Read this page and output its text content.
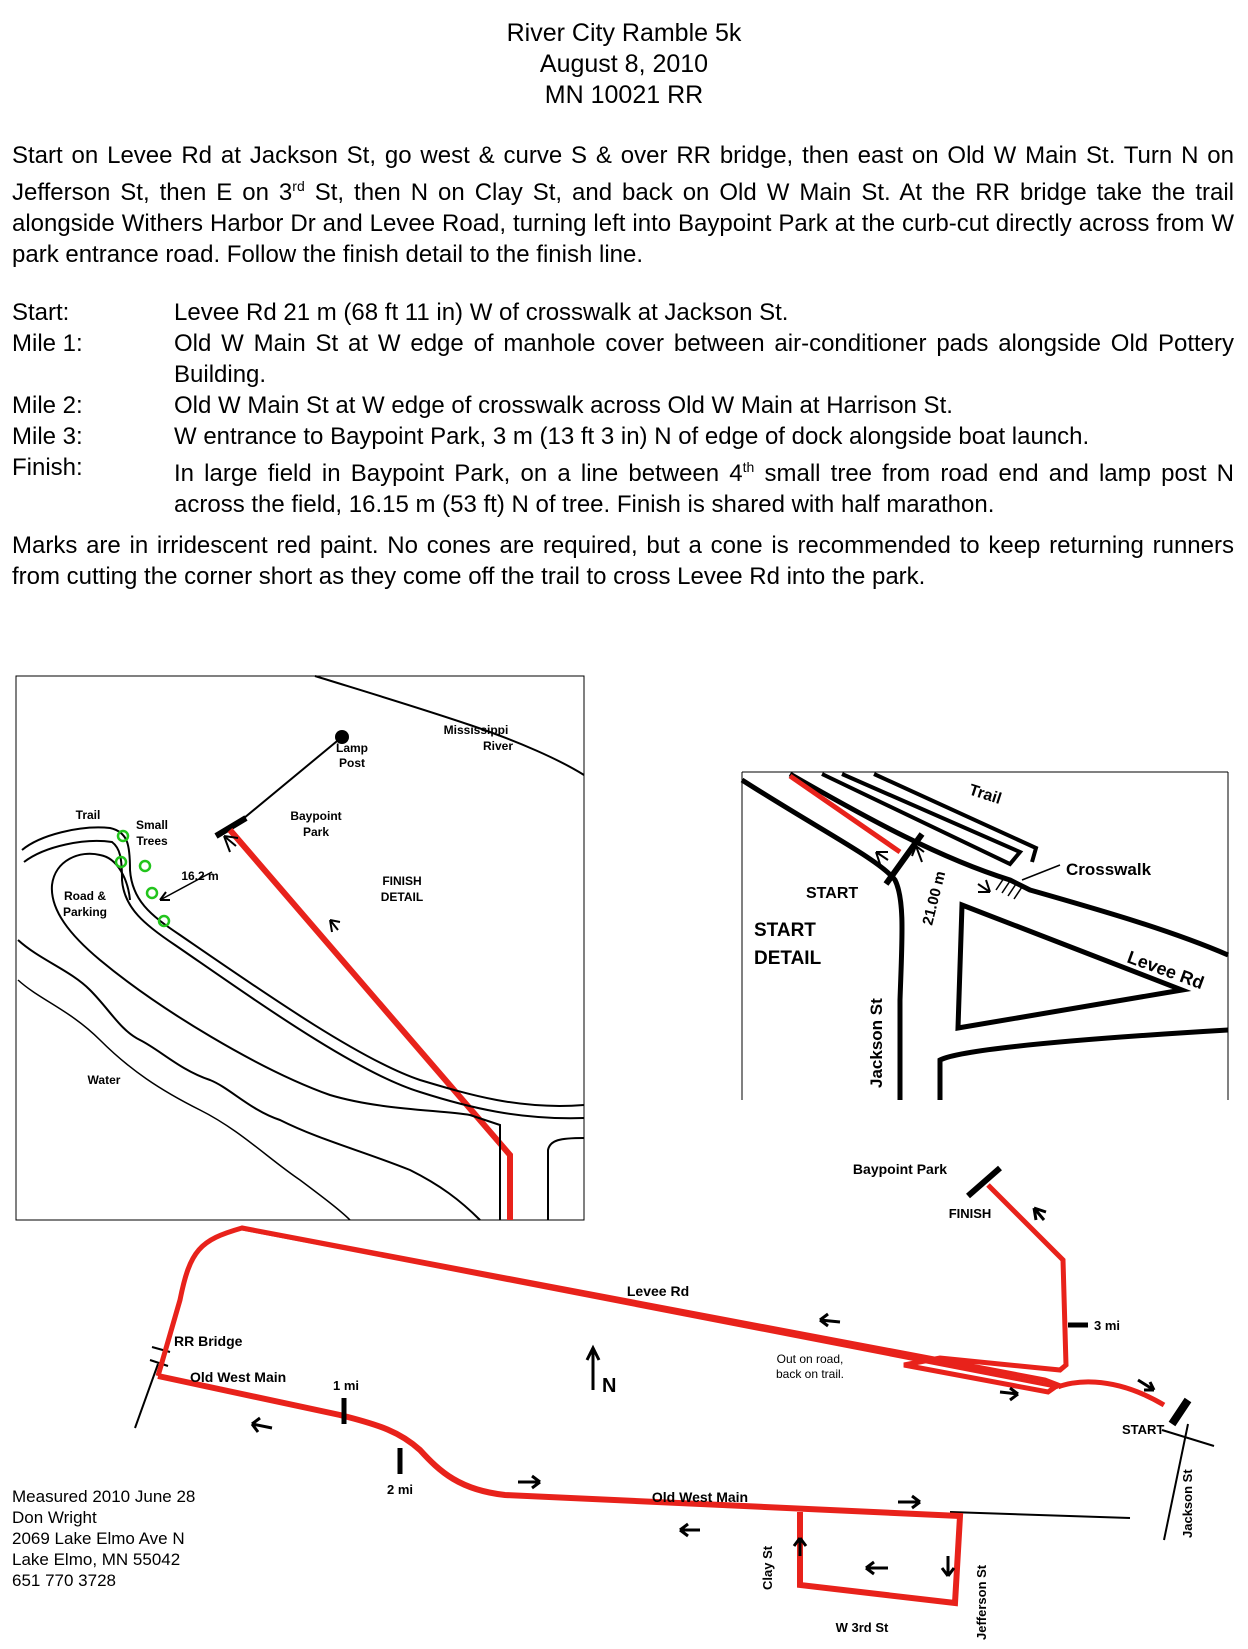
River City Ramble 5k
August 8, 2010
MN 10021 RR
Start on Levee Rd at Jackson St, go west & curve S & over RR bridge, then east on Old W Main St. Turn N on Jefferson St, then E on 3rd St, then N on Clay St, and back on Old W Main St. At the RR bridge take the trail alongside Withers Harbor Dr and Levee Road, turning left into Baypoint Park at the curb-cut directly across from W park entrance road. Follow the finish detail to the finish line.
Start:	Levee Rd 21 m (68 ft 11 in) W of crosswalk at Jackson St.
Mile 1:	Old W Main St at W edge of manhole cover between air-conditioner pads alongside Old Pottery Building.
Mile 2:	Old W Main St at W edge of crosswalk across Old W Main at Harrison St.
Mile 3:	W entrance to Baypoint Park, 3 m (13 ft 3 in) N of edge of dock alongside boat launch.
Finish:	In large field in Baypoint Park, on a line between 4th small tree from road end and lamp post N across the field, 16.15 m (53 ft) N of tree. Finish is shared with half marathon.
Marks are in irridescent red paint. No cones are required, but a cone is recommended to keep returning runners from cutting the corner short as they come off the trail to cross Levee Rd into the park.
Mississippi
River
Lamp
Post
Baypoint
Park
Trail
Small
Trees
16.2 m
Road &
Parking
FINISH
DETAIL
Water
Trail
Crosswalk
START
START
DETAIL
21.00 m
Levee Rd
Jackson St
Baypoint Park
FINISH
Levee Rd
3 mi
RR Bridge
Old West Main
1 mi	N
Out on road,
back on trail.
START
2 mi	Old West Main	Jackson St
Clay St	Jefferson St
W 3rd St
Measured 2010 June 28
Don Wright
2069 Lake Elmo Ave N
Lake Elmo, MN 55042
651 770 3728
